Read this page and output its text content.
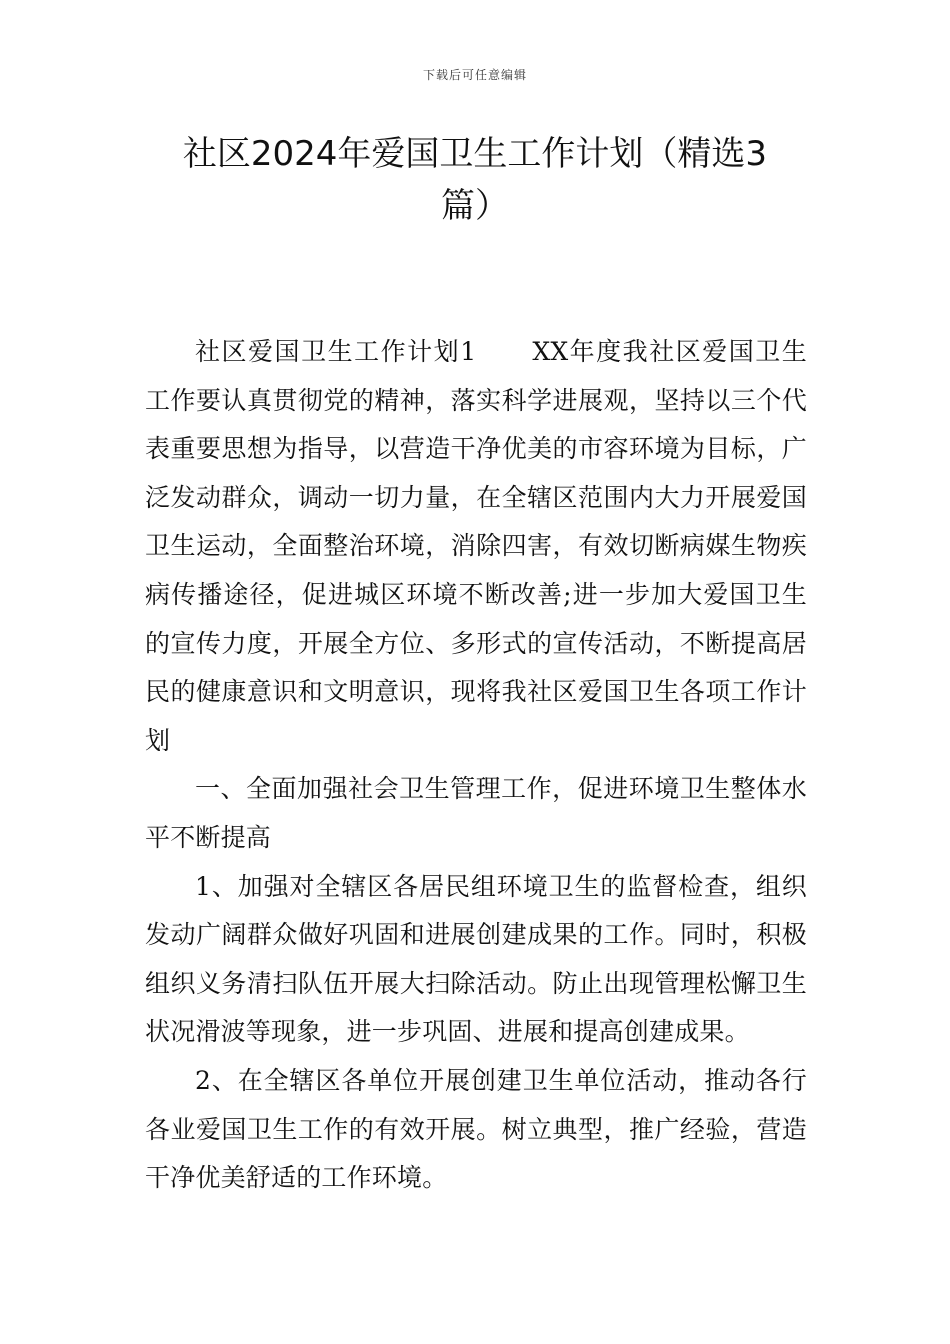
下载后可任意编辑
社区2024年爱国卫生工作计划（精选3篇）

社区爱国卫生工作计划1 XX年度我社区爱国卫生工作要认真贯彻党的精神，落实科学进展观，坚持以三个代表重要思想为指导，以营造干净优美的市容环境为目标，广泛发动群众，调动一切力量，在全辖区范围内大力开展爱国卫生运动，全面整治环境，消除四害，有效切断病媒生物疾病传播途径，促进城区环境不断改善;进一步加大爱国卫生的宣传力度，开展全方位、多形式的宣传活动，不断提高居民的健康意识和文明意识，现将我社区爱国卫生各项工作计划

一、全面加强社会卫生管理工作，促进环境卫生整体水平不断提高

1、加强对全辖区各居民组环境卫生的监督检查，组织发动广阔群众做好巩固和进展创建成果的工作。同时，积极组织义务清扫队伍开展大扫除活动。防止出现管理松懈卫生状况滑波等现象，进一步巩固、进展和提高创建成果。

2、在全辖区各单位开展创建卫生单位活动，推动各行各业爱国卫生工作的有效开展。树立典型，推广经验，营造干净优美舒适的工作环境。
